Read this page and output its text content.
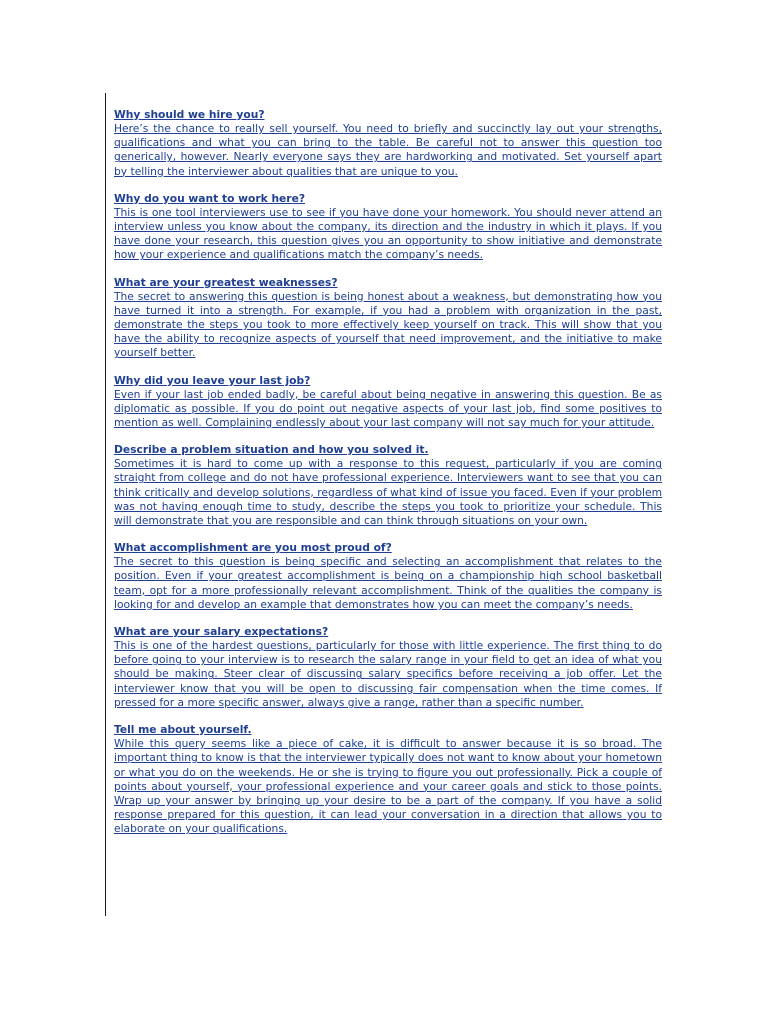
Why should we hire you?

Here’s the chance to really sell yourself. You need to briefly and succinctly lay out your strengths, qualifications and what you can bring to the table. Be careful not to answer this question too generically, however. Nearly everyone says they are hardworking and motivated. Set yourself apart by telling the interviewer about qualities that are unique to you.

Why do you want to work here?

This is one tool interviewers use to see if you have done your homework. You should never attend an interview unless you know about the company, its direction and the industry in which it plays. If you have done your research, this question gives you an opportunity to show initiative and demonstrate how your experience and qualifications match the company’s needs.

What are your greatest weaknesses?

The secret to answering this question is being honest about a weakness, but demonstrating how you have turned it into a strength. For example, if you had a problem with organization in the past, demonstrate the steps you took to more effectively keep yourself on track. This will show that you have the ability to recognize aspects of yourself that need improvement, and the initiative to make yourself better.

Why did you leave your last job?

Even if your last job ended badly, be careful about being negative in answering this question. Be as diplomatic as possible. If you do point out negative aspects of your last job, find some positives to mention as well. Complaining endlessly about your last company will not say much for your attitude.

Describe a problem situation and how you solved it.

Sometimes it is hard to come up with a response to this request, particularly if you are coming straight from college and do not have professional experience. Interviewers want to see that you can think critically and develop solutions, regardless of what kind of issue you faced. Even if your problem was not having enough time to study, describe the steps you took to prioritize your schedule. This will demonstrate that you are responsible and can think through situations on your own.

What accomplishment are you most proud of?

The secret to this question is being specific and selecting an accomplishment that relates to the position. Even if your greatest accomplishment is being on a championship high school basketball team, opt for a more professionally relevant accomplishment. Think of the qualities the company is looking for and develop an example that demonstrates how you can meet the company’s needs.

What are your salary expectations?

This is one of the hardest questions, particularly for those with little experience. The first thing to do before going to your interview is to research the salary range in your field to get an idea of what you should be making. Steer clear of discussing salary specifics before receiving a job offer. Let the interviewer know that you will be open to discussing fair compensation when the time comes. If pressed for a more specific answer, always give a range, rather than a specific number.

Tell me about yourself.

While this query seems like a piece of cake, it is difficult to answer because it is so broad. The important thing to know is that the interviewer typically does not want to know about your hometown or what you do on the weekends. He or she is trying to figure you out professionally. Pick a couple of points about yourself, your professional experience and your career goals and stick to those points. Wrap up your answer by bringing up your desire to be a part of the company. If you have a solid response prepared for this question, it can lead your conversation in a direction that allows you to elaborate on your qualifications.
